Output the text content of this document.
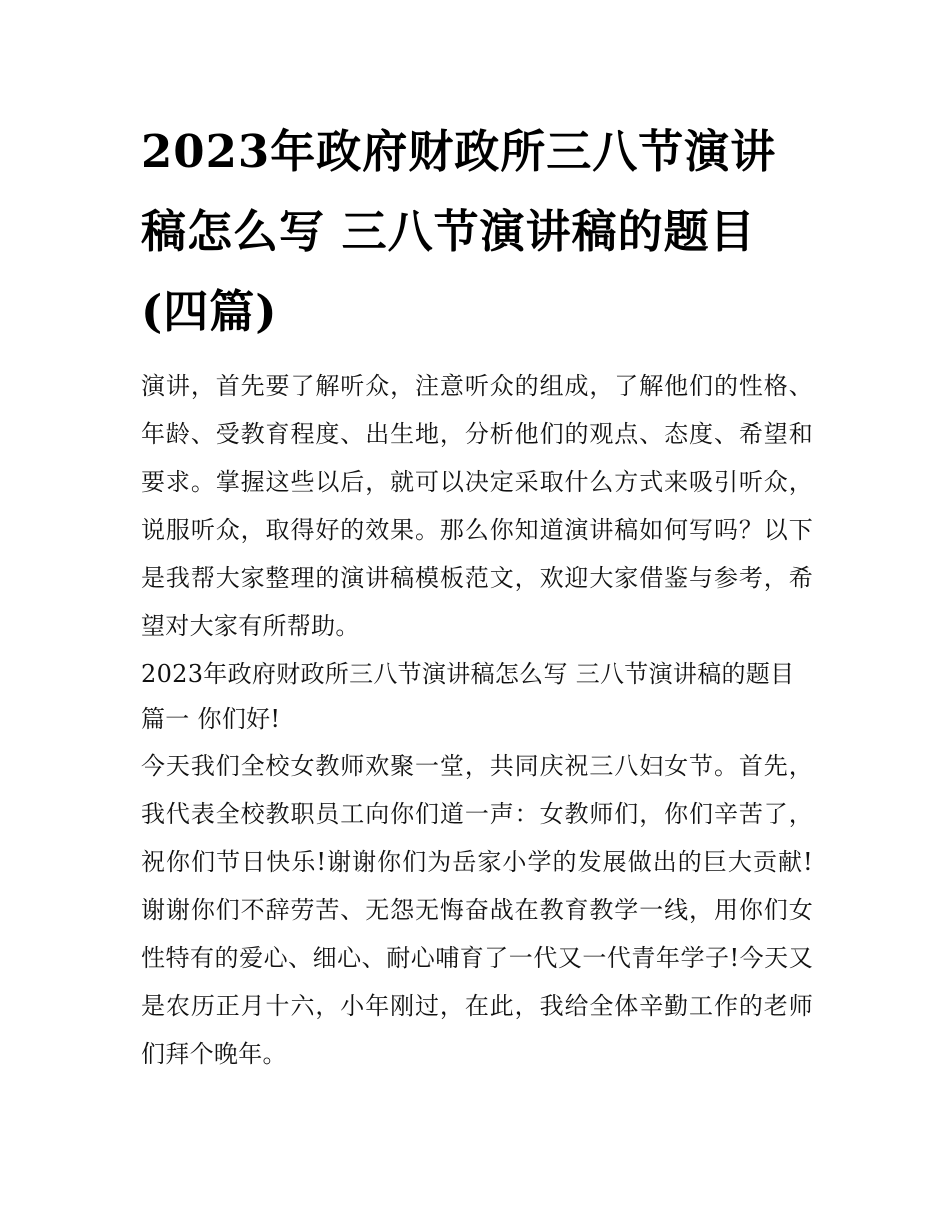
2023年政府财政所三八节演讲稿怎么写 三八节演讲稿的题目(四篇)

演讲，首先要了解听众，注意听众的组成，了解他们的性格、年龄、受教育程度、出生地，分析他们的观点、态度、希望和要求。掌握这些以后，就可以决定采取什么方式来吸引听众，说服听众，取得好的效果。那么你知道演讲稿如何写吗？以下是我帮大家整理的演讲稿模板范文，欢迎大家借鉴与参考，希望对大家有所帮助。

2023年政府财政所三八节演讲稿怎么写 三八节演讲稿的题目

篇一 你们好!

今天我们全校女教师欢聚一堂，共同庆祝三八妇女节。首先，我代表全校教职员工向你们道一声：女教师们，你们辛苦了，祝你们节日快乐!谢谢你们为岳家小学的发展做出的巨大贡献!谢谢你们不辞劳苦、无怨无悔奋战在教育教学一线，用你们女性特有的爱心、细心、耐心哺育了一代又一代青年学子!今天又是农历正月十六，小年刚过，在此，我给全体辛勤工作的老师们拜个晚年。
